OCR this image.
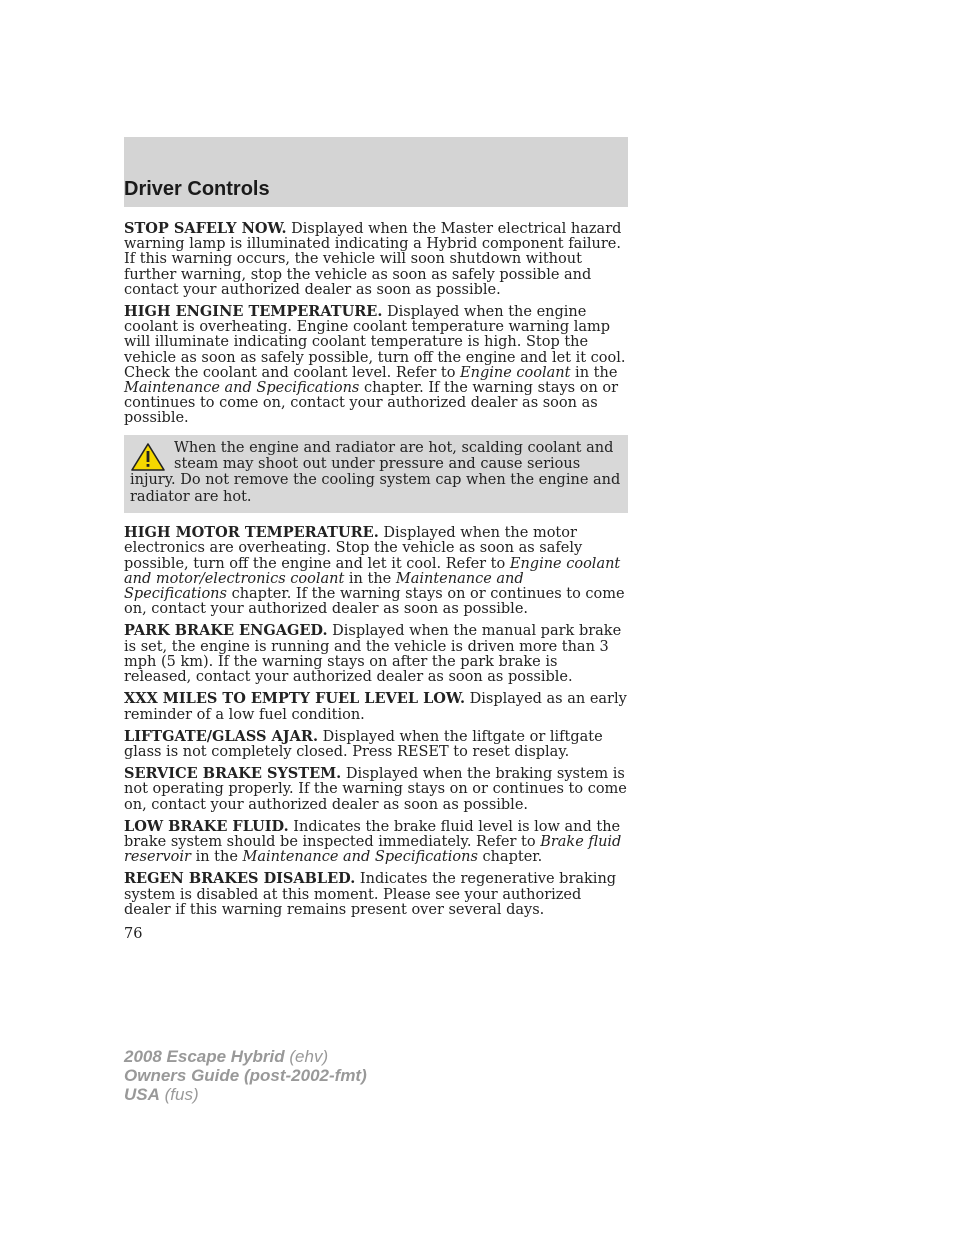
Driver Controls
STOP SAFELY NOW. Displayed when the Master electrical hazard warning lamp is illuminated indicating a Hybrid component failure. If this warning occurs, the vehicle will soon shutdown without further warning, stop the vehicle as soon as safely possible and contact your authorized dealer as soon as possible.
HIGH ENGINE TEMPERATURE. Displayed when the engine coolant is overheating. Engine coolant temperature warning lamp will illuminate indicating coolant temperature is high. Stop the vehicle as soon as safely possible, turn off the engine and let it cool. Check the coolant and coolant level. Refer to Engine coolant in the Maintenance and Specifications chapter. If the warning stays on or continues to come on, contact your authorized dealer as soon as possible.
When the engine and radiator are hot, scalding coolant and steam may shoot out under pressure and cause serious injury. Do not remove the cooling system cap when the engine and radiator are hot.
HIGH MOTOR TEMPERATURE. Displayed when the motor electronics are overheating. Stop the vehicle as soon as safely possible, turn off the engine and let it cool. Refer to Engine coolant and motor/electronics coolant in the Maintenance and Specifications chapter. If the warning stays on or continues to come on, contact your authorized dealer as soon as possible.
PARK BRAKE ENGAGED. Displayed when the manual park brake is set, the engine is running and the vehicle is driven more than 3 mph (5 km). If the warning stays on after the park brake is released, contact your authorized dealer as soon as possible.
XXX MILES TO EMPTY FUEL LEVEL LOW. Displayed as an early reminder of a low fuel condition.
LIFTGATE/GLASS AJAR. Displayed when the liftgate or liftgate glass is not completely closed. Press RESET to reset display.
SERVICE BRAKE SYSTEM. Displayed when the braking system is not operating properly. If the warning stays on or continues to come on, contact your authorized dealer as soon as possible.
LOW BRAKE FLUID. Indicates the brake fluid level is low and the brake system should be inspected immediately. Refer to Brake fluid reservoir in the Maintenance and Specifications chapter.
REGEN BRAKES DISABLED. Indicates the regenerative braking system is disabled at this moment. Please see your authorized dealer if this warning remains present over several days.
76
2008 Escape Hybrid (ehv)
Owners Guide (post-2002-fmt)
USA (fus)
